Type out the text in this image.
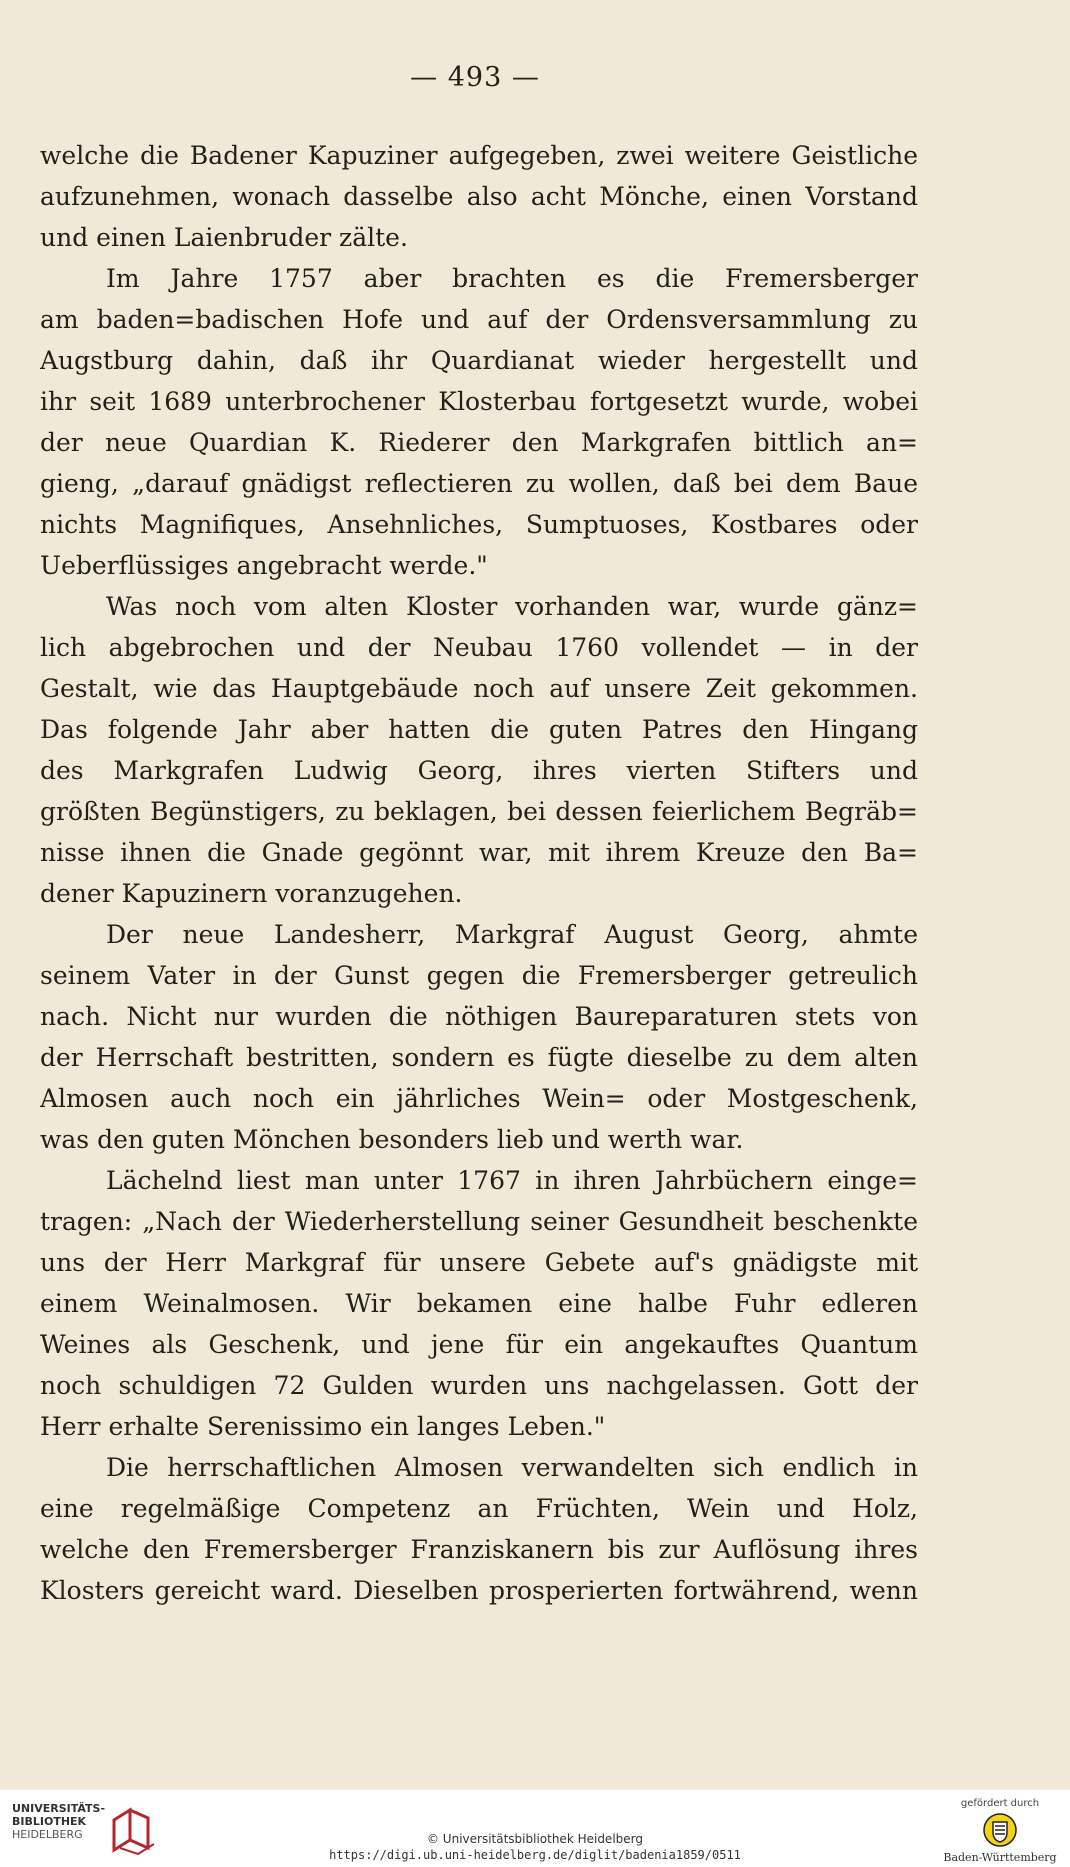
— 493 —
welche die Badener Kapuziner aufgegeben, zwei weitere Geistliche
aufzunehmen, wonach dasselbe also acht Mönche, einen Vorstand
und einen Laienbruder zälte.
Im Jahre 1757 aber brachten es die Fremersberger
am baden=badischen Hofe und auf der Ordensversammlung zu
Augstburg dahin, daß ihr Quardianat wieder hergestellt und
ihr seit 1689 unterbrochener Klosterbau fortgesetzt wurde, wobei
der neue Quardian K. Riederer den Markgrafen bittlich an=
gieng, „darauf gnädigst reflectieren zu wollen, daß bei dem Baue
nichts Magnifiques, Ansehnliches, Sumptuoses, Kostbares oder
Ueberflüssiges angebracht werde."
Was noch vom alten Kloster vorhanden war, wurde gänz=
lich abgebrochen und der Neubau 1760 vollendet — in der
Gestalt, wie das Hauptgebäude noch auf unsere Zeit gekommen.
Das folgende Jahr aber hatten die guten Patres den Hingang
des Markgrafen Ludwig Georg, ihres vierten Stifters und
größten Begünstigers, zu beklagen, bei dessen feierlichem Begräb=
nisse ihnen die Gnade gegönnt war, mit ihrem Kreuze den Ba=
dener Kapuzinern voranzugehen.
Der neue Landesherr, Markgraf August Georg, ahmte
seinem Vater in der Gunst gegen die Fremersberger getreulich
nach. Nicht nur wurden die nöthigen Baureparaturen stets von
der Herrschaft bestritten, sondern es fügte dieselbe zu dem alten
Almosen auch noch ein jährliches Wein= oder Mostgeschenk,
was den guten Mönchen besonders lieb und werth war.
Lächelnd liest man unter 1767 in ihren Jahrbüchern einge=
tragen: „Nach der Wiederherstellung seiner Gesundheit beschenkte
uns der Herr Markgraf für unsere Gebete auf's gnädigste mit
einem Weinalmosen. Wir bekamen eine halbe Fuhr edleren
Weines als Geschenk, und jene für ein angekauftes Quantum
noch schuldigen 72 Gulden wurden uns nachgelassen. Gott der
Herr erhalte Serenissimo ein langes Leben."
Die herrschaftlichen Almosen verwandelten sich endlich in
eine regelmäßige Competenz an Früchten, Wein und Holz,
welche den Fremersberger Franziskanern bis zur Auflösung ihres
Klosters gereicht ward. Dieselben prosperierten fortwährend, wenn
UNIVERSITÄTS-
BIBLIOTHEK
HEIDELBERG	© Universitätsbibliothek Heidelberg
https://digi.ub.uni-heidelberg.de/diglit/badenia1859/0511
gefördert durch
Baden-Württemberg
